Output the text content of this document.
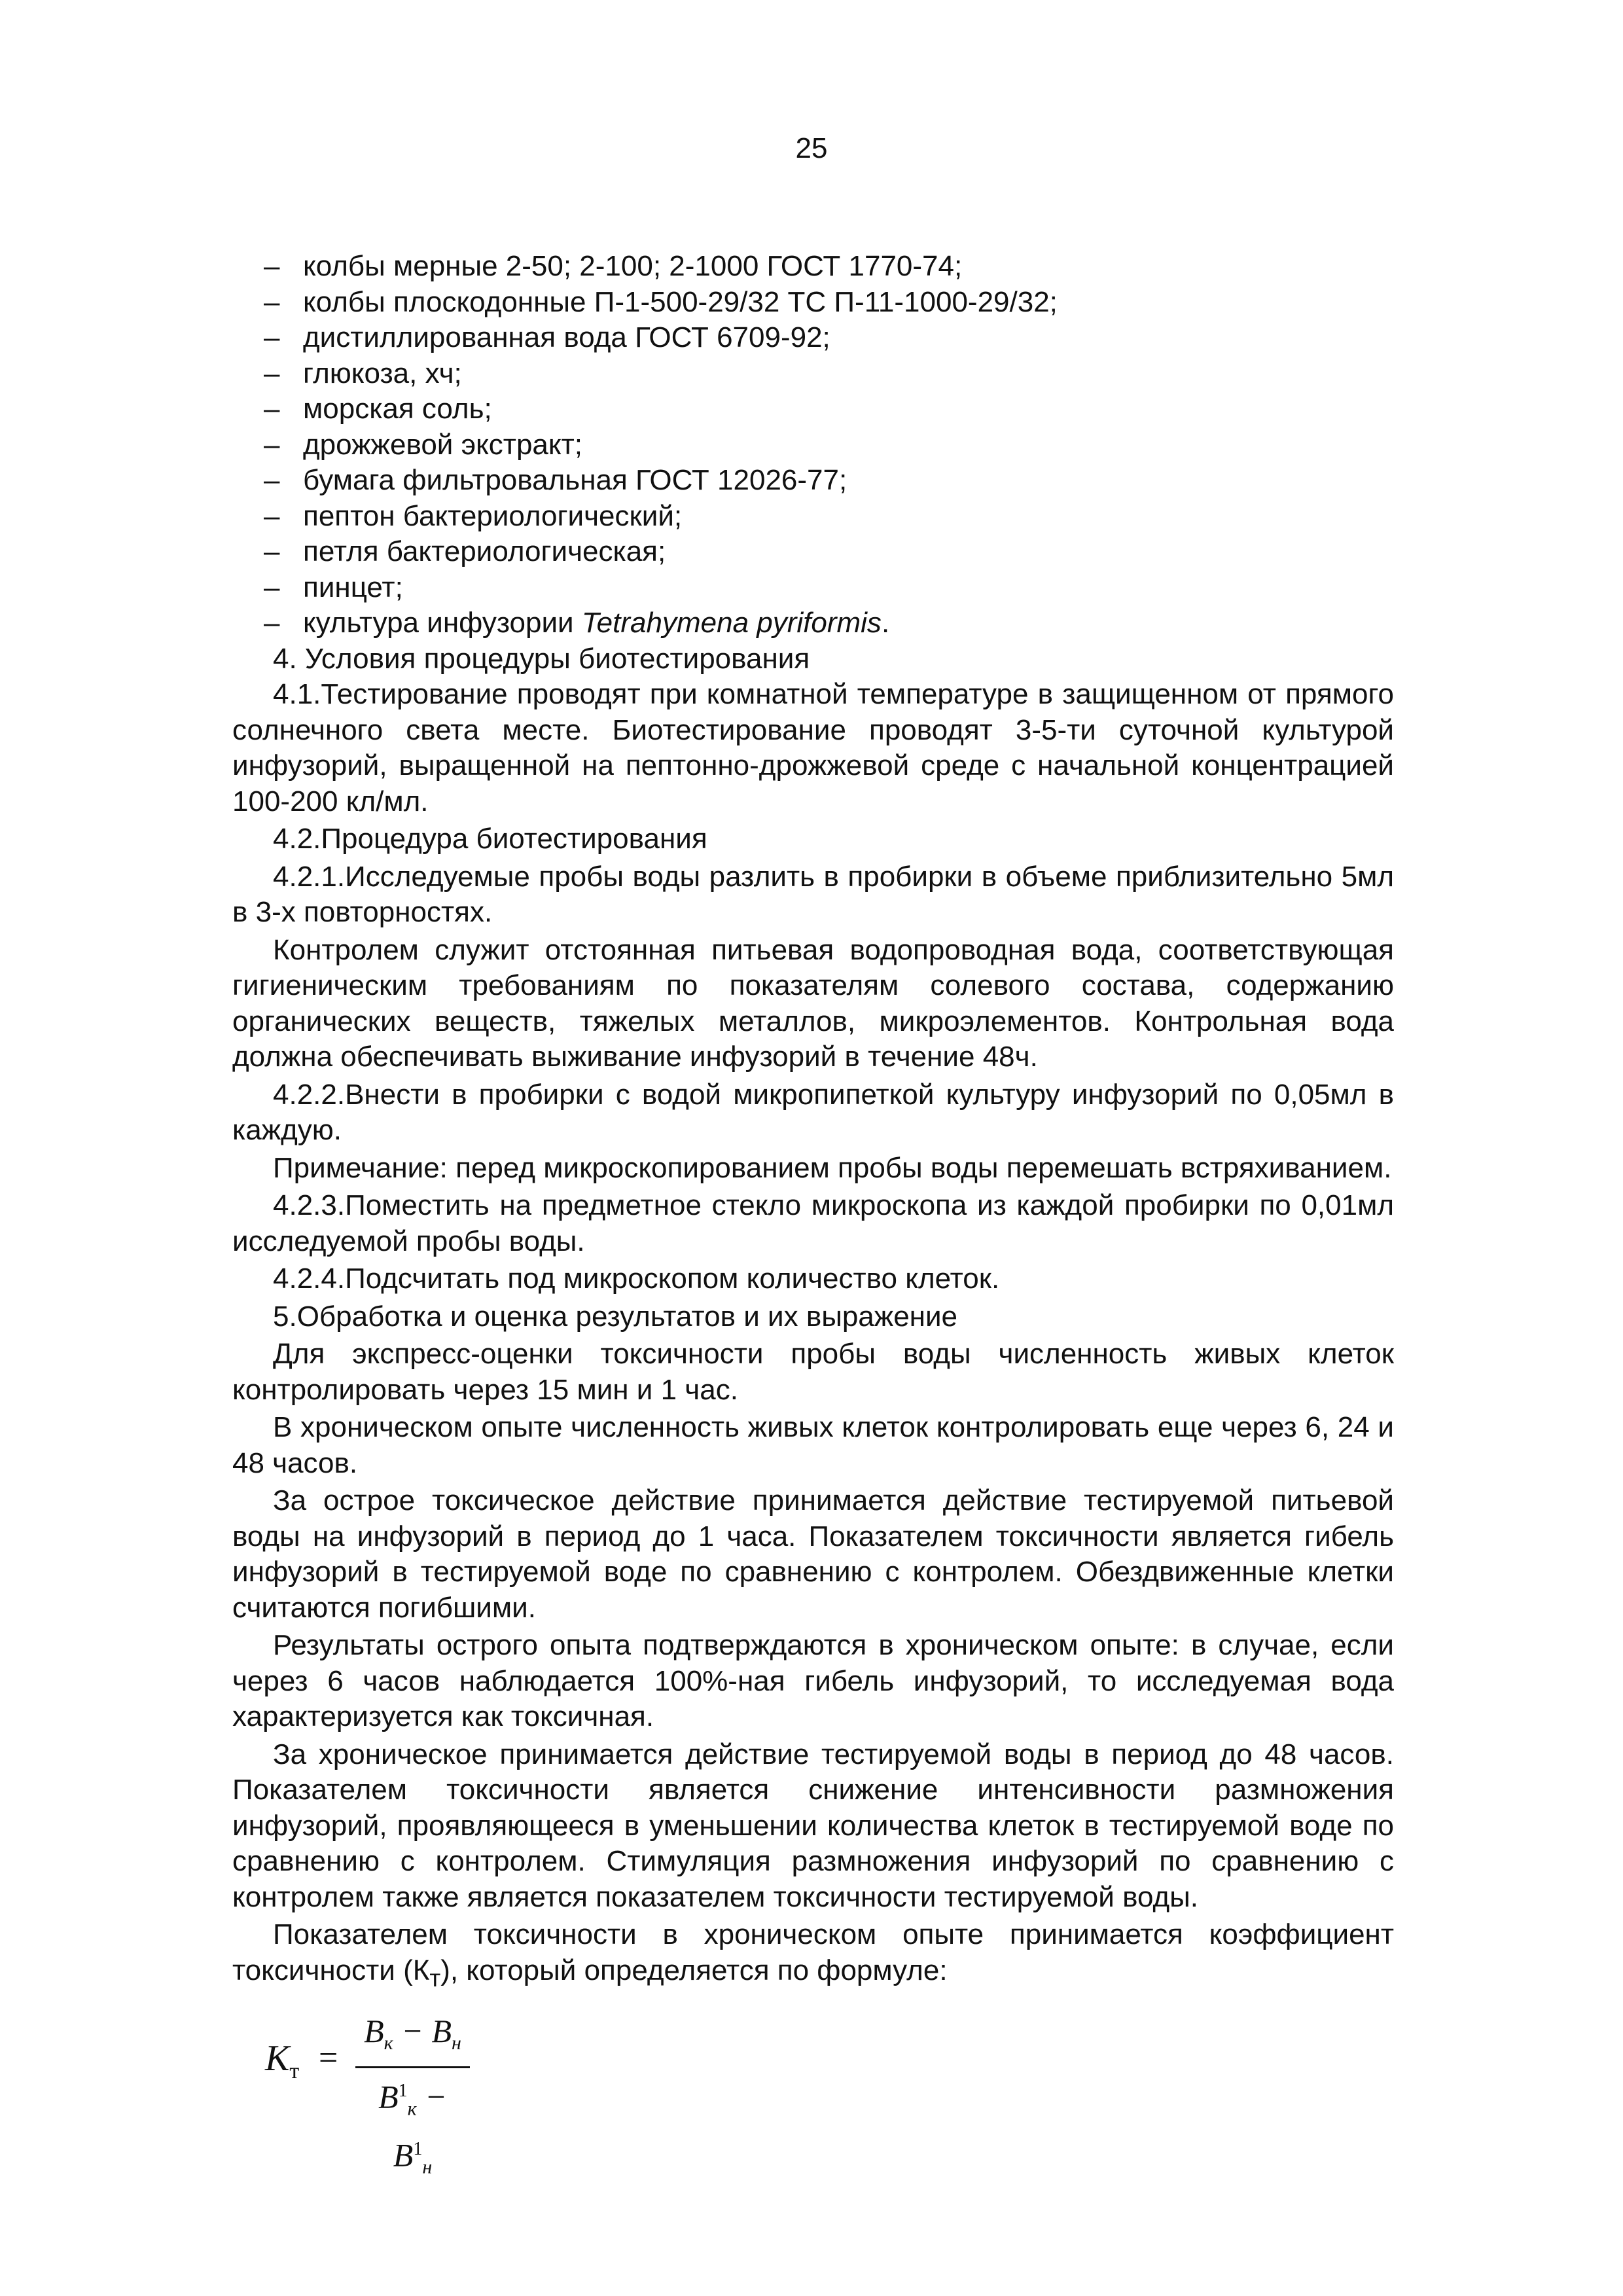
25
– колбы мерные 2-50; 2-100; 2-1000 ГОСТ 1770-74;
– колбы плоскодонные П-1-500-29/32 ТС П-11-1000-29/32;
– дистиллированная вода ГОСТ 6709-92;
– глюкоза, хч;
– морская соль;
– дрожжевой экстракт;
– бумага фильтровальная ГОСТ 12026-77;
– пептон бактериологический;
– петля бактериологическая;
– пинцет;
– культура инфузории Tetrahymena pyriformis.

4. Условия процедуры биотестирования

4.1.Тестирование проводят при комнатной температуре в защищенном от прямого солнечного света месте. Биотестирование проводят 3-5-ти суточной культурой инфузорий, выращенной на пептонно-дрожжевой среде с начальной концентрацией 100-200 кл/мл.

4.2.Процедура биотестирования

4.2.1.Исследуемые пробы воды разлить в пробирки в объеме приблизительно 5мл в 3-х повторностях.

Контролем служит отстоянная питьевая водопроводная вода, соответствующая гигиеническим требованиям по показателям солевого состава, содержанию органических веществ, тяжелых металлов, микроэлементов. Контрольная вода должна обеспечивать выживание инфузорий в течение 48ч.

4.2.2.Внести в пробирки с водой микропипеткой культуру инфузорий по 0,05мл в каждую.

Примечание: перед микроскопированием пробы воды перемешать встряхиванием.

4.2.3.Поместить на предметное стекло микроскопа из каждой пробирки по 0,01мл исследуемой пробы воды.

4.2.4.Подсчитать под микроскопом количество клеток.

5.Обработка и оценка результатов и их выражение

Для экспресс-оценки токсичности пробы воды численность живых клеток контролировать через 15 мин и 1 час.

В хроническом опыте численность живых клеток контролировать еще через 6, 24 и 48 часов.

За острое токсическое действие принимается действие тестируемой питьевой воды на инфузорий в период до 1 часа. Показателем токсичности является гибель инфузорий в тестируемой воде по сравнению с контролем. Обездвиженные клетки считаются погибшими.

Результаты острого опыта подтверждаются в хроническом опыте: в случае, если через 6 часов наблюдается 100%-ная гибель инфузорий, то исследуемая вода характеризуется как токсичная.

За хроническое принимается действие тестируемой воды в период до 48 часов. Показателем токсичности является снижение интенсивности размножения инфузорий, проявляющееся в уменьшении количества клеток в тестируемой воде по сравнению с контролем. Стимуляция размножения инфузорий по сравнению с контролем также является показателем токсичности тестируемой воды.

Показателем токсичности в хроническом опыте принимается коэффициент токсичности $(К_т)$, который определяется по формуле:

$K_т$ =
$B_к - B_н$
$B^1_к - B^1_н$
